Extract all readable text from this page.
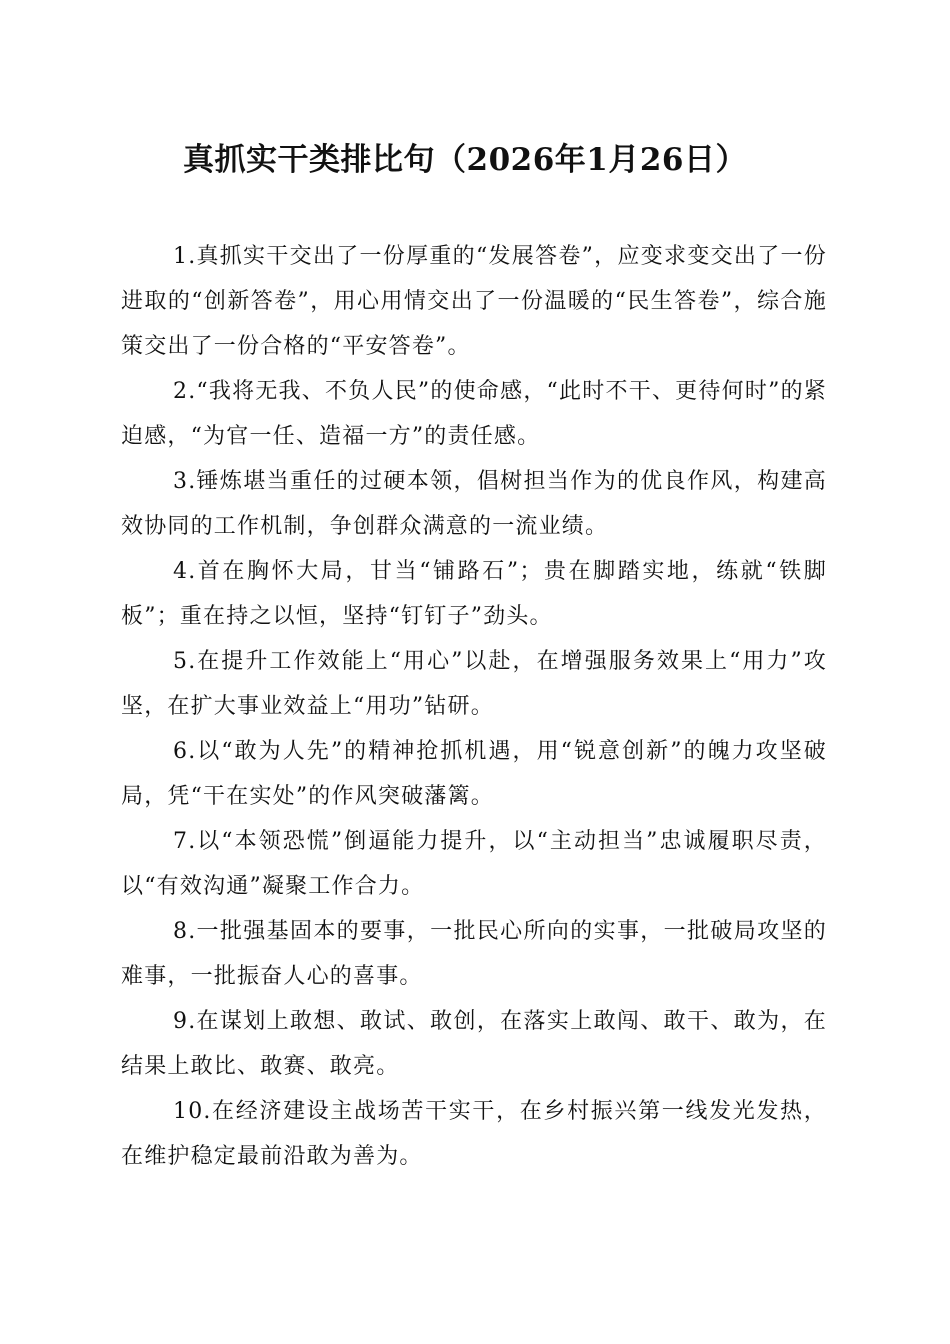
真抓实干类排比句（2026年1月26日）

1.真抓实干交出了一份厚重的“发展答卷”，应变求变交出了一份进取的“创新答卷”，用心用情交出了一份温暖的“民生答卷”，综合施策交出了一份合格的“平安答卷”。

2.“我将无我、不负人民”的使命感，“此时不干、更待何时”的紧迫感，“为官一任、造福一方”的责任感。

3.锤炼堪当重任的过硬本领，倡树担当作为的优良作风，构建高效协同的工作机制，争创群众满意的一流业绩。

4.首在胸怀大局，甘当“铺路石”；贵在脚踏实地，练就“铁脚板”；重在持之以恒，坚持“钉钉子”劲头。

5.在提升工作效能上“用心”以赴，在增强服务效果上“用力”攻坚，在扩大事业效益上“用功”钻研。

6.以“敢为人先”的精神抢抓机遇，用“锐意创新”的魄力攻坚破局，凭“干在实处”的作风突破藩篱。

7.以“本领恐慌”倒逼能力提升，以“主动担当”忠诚履职尽责，以“有效沟通”凝聚工作合力。

8.一批强基固本的要事，一批民心所向的实事，一批破局攻坚的难事，一批振奋人心的喜事。

9.在谋划上敢想、敢试、敢创，在落实上敢闯、敢干、敢为，在结果上敢比、敢赛、敢亮。

10.在经济建设主战场苦干实干，在乡村振兴第一线发光发热，在维护稳定最前沿敢为善为。
